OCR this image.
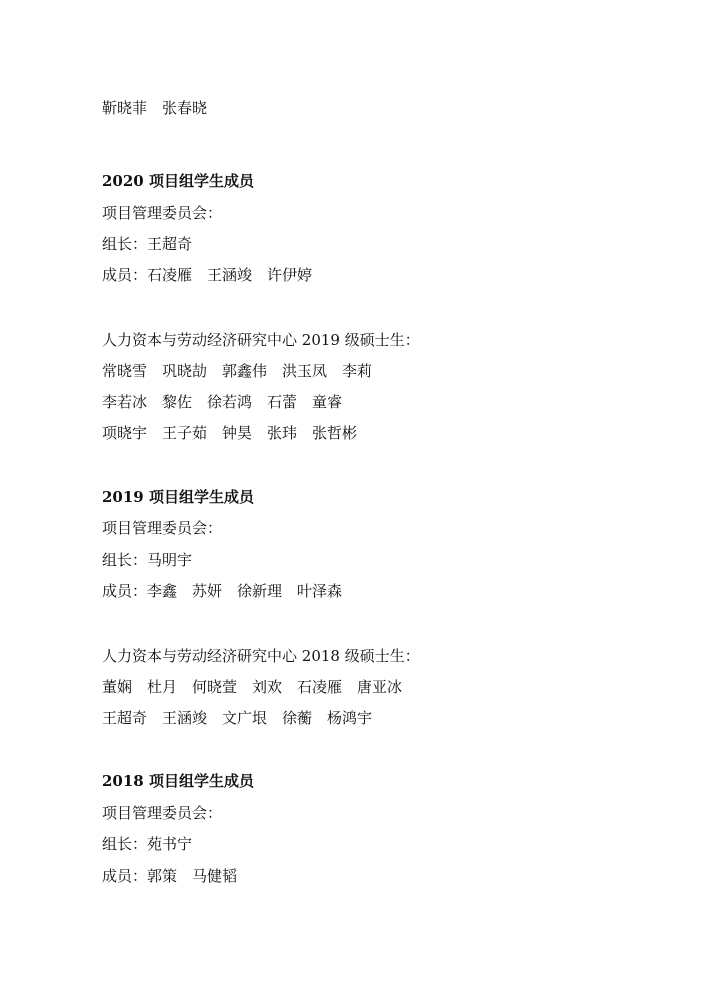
靳晓菲　张春晓
2020 项目组学生成员
项目管理委员会：
组长：王超奇
成员：石凌雁　王涵竣　许伊婷
人力资本与劳动经济研究中心 2019 级硕士生：
常晓雪　巩晓劼　郭鑫伟　洪玉凤　李莉
李若冰　黎佐　徐若鸿　石蕾　童睿
项晓宇　王子茹　钟昊　张玮　张哲彬
2019 项目组学生成员
项目管理委员会：
组长：马明宇
成员：李鑫　苏妍　徐新理　叶泽森
人力资本与劳动经济研究中心 2018 级硕士生：
董娴　杜月　何晓萱　刘欢　石凌雁　唐亚冰
王超奇　王涵竣　文广垠　徐蘅　杨鸿宇
2018 项目组学生成员
项目管理委员会：
组长：苑书宁
成员：郭策　马健韬
